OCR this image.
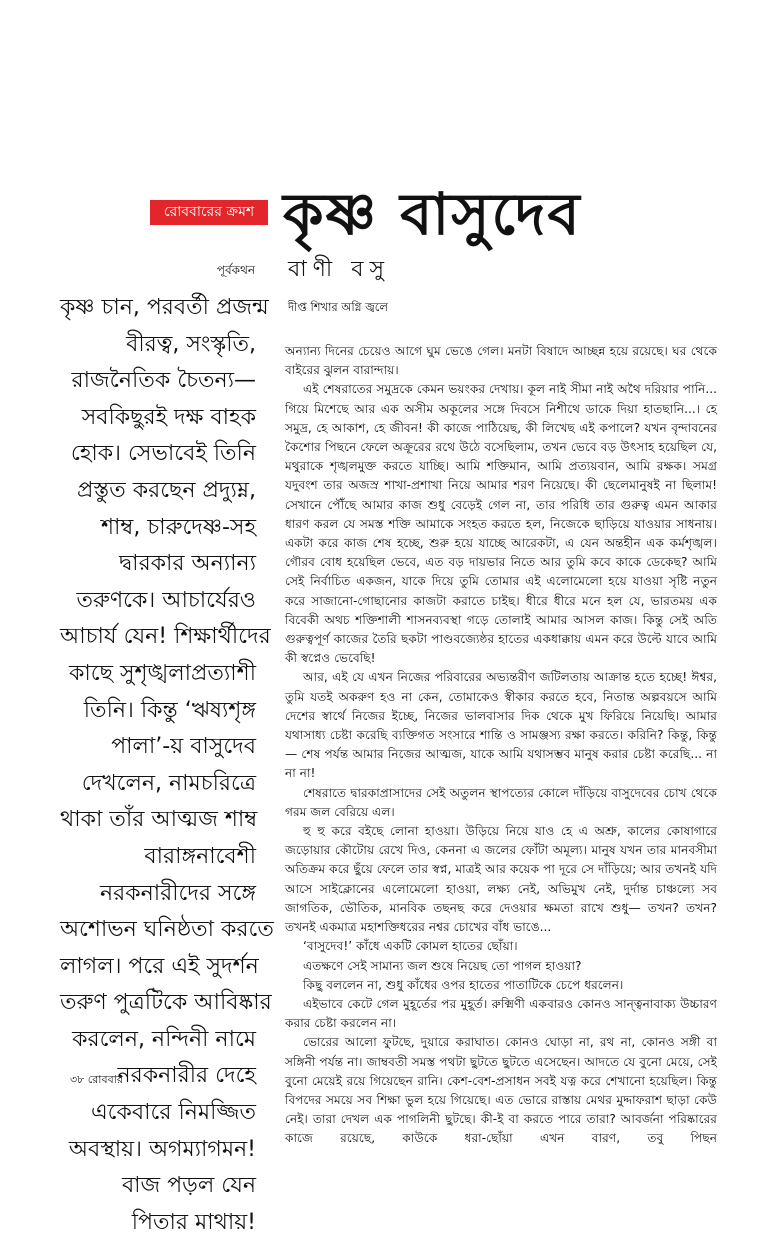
রোববারের ক্রমশ কৃষ্ণ বাসুদেব
পূর্বকথন বাণী বসু
দীপ্ত শিখার অগ্নি জ্বলে
কৃষ্ণ চান, পরবর্তী প্রজন্ম
বীরত্ব, সংস্কৃতি,
রাজনৈতিক চৈতন্য—
সবকিছুরই দক্ষ বাহক
হোক। সেভাবেই তিনি
প্রস্তুত করছেন প্রদ্যুম্ন,
শাম্ব, চারুদেষ্ণ-সহ
দ্বারকার অন্যান্য
তরুণকে। আচার্যেরও
আচার্য যেন! শিক্ষার্থীদের
কাছে সুশৃঙ্খলাপ্রত্যাশী
তিনি। কিন্তু ‘ঋষ্যশৃঙ্গ
পালা’-য় বাসুদেব
দেখলেন, নামচরিত্রে
থাকা তাঁর আত্মজ শাম্ব
বারাঙ্গনাবেশী
নরকনারীদের সঙ্গে
অশোভন ঘনিষ্ঠতা করতে
লাগল। পরে এই সুদর্শন
তরুণ পুত্রটিকে আবিষ্কার
করলেন, নন্দিনী নামে
নরকনারীর দেহে
একেবারে নিমজ্জিত
অবস্থায়। অগম্যাগমন!
বাজ পড়ল যেন
পিতার মাথায়!

অন্যান্য দিনের চেয়েও আগে ঘুম ভেঙে গেল। মনটা বিষাদে আচ্ছন্ন হয়ে রয়েছে। ঘর থেকে বাইরের ঝুলন বারান্দায়।

এই শেষরাতের সমুদ্রকে কেমন ভয়ংকর দেখায়। কূল নাই সীমা নাই অথৈ দরিয়ার পানি... গিয়ে মিশেছে আর এক অসীম অকূলের সঙ্গে দিবসে নিশীথে ডাকে দিয়া হাতছানি...। হে সমুদ্র, হে আকাশ, হে জীবন! কী কাজে পাঠিয়েছ, কী লিখেছ এই কপালে? যখন বৃন্দাবনের কৈশোর পিছনে ফেলে অক্রূরের রথে উঠে বসেছিলাম, তখন ভেবে বড় উৎসাহ হয়েছিল যে, মথুরাকে শৃঙ্খলমুক্ত করতে যাচ্ছি। আমি শক্তিমান, আমি প্রত্যয়বান, আমি রক্ষক। সমগ্র যদুবংশ তার অজস্র শাখা-প্রশাখা নিয়ে আমার শরণ নিয়েছে। কী ছেলেমানুষই না ছিলাম! সেখানে পৌঁছে আমার কাজ শুধু বেড়েই গেল না, তার পরিধি তার গুরুত্ব এমন আকার ধারণ করল যে সমস্ত শক্তি আমাকে সংহত করতে হল, নিজেকে ছাড়িয়ে যাওয়ার সাধনায়। একটা করে কাজ শেষ হচ্ছে, শুরু হয়ে যাচ্ছে আরেকটা, এ যেন অন্তহীন এক কর্মশৃঙ্খল। গৌরব বোধ হয়েছিল ভেবে, এত বড় দায়ভার নিতে আর তুমি কবে কাকে ডেকেছ? আমি সেই নির্বাচিত একজন, যাকে দিয়ে তুমি তোমার এই এলোমেলো হয়ে যাওয়া সৃষ্টি নতুন করে সাজানো-গোছানোর কাজটা করাতে চাইছ। ধীরে ধীরে মনে হল যে, ভারতময় এক বিবেকী অথচ শক্তিশালী শাসনব্যবস্থা গড়ে তোলাই আমার আসল কাজ। কিন্তু সেই অতি গুরুত্বপূর্ণ কাজের তৈরি ছকটা পাণ্ডবজ্যেষ্ঠর হাতের একধাক্কায় এমন করে উল্টে যাবে আমি কী স্বপ্নেও ভেবেছি!

আর, এই যে এখন নিজের পরিবারের অভ্যন্তরীণ জটিলতায় আক্রান্ত হতে হচ্ছে! ঈশ্বর, তুমি যতই অকরুণ হও না কেন, তোমাকেও স্বীকার করতে হবে, নিতান্ত অল্পবয়সে আমি দেশের স্বার্থে নিজের ইচ্ছে, নিজের ভালবাসার দিক থেকে মুখ ফিরিয়ে নিয়েছি। আমার যথাসাধ্য চেষ্টা করেছি ব্যক্তিগত সংসারে শান্তি ও সামঞ্জস্য রক্ষা করতে। করিনি? কিন্তু, কিন্তু— শেষ পর্যন্ত আমার নিজের আত্মজ, যাকে আমি যথাসম্ভব মানুষ করার চেষ্টা করেছি... না না না!

শেষরাতে দ্বারকাপ্রাসাদের সেই অতুলন স্থাপত্যের কোলে দাঁড়িয়ে বাসুদেবের চোখ থেকে গরম জল বেরিয়ে এল।

হু হু করে বইছে লোনা হাওয়া। উড়িয়ে নিয়ে যাও হে এ অশ্রু, কালের কোষাগারে জড়োয়ার কৌটোয় রেখে দিও, কেননা এ জলের ফোঁটা অমূল্য। মানুষ যখন তার মানবসীমা অতিক্রম করে ছুঁয়ে ফেলে তার স্বপ্ন, মাত্রই আর কয়েক পা দূরে সে দাঁড়িয়ে; আর তখনই যদি আসে সাইক্লোনের এলোমেলো হাওয়া, লক্ষ্য নেই, অভিমুখ নেই, দুর্দান্ত চাঞ্চল্যে সব জাগতিক, ভৌতিক, মানবিক তছনছ করে দেওয়ার ক্ষমতা রাখে শুধু— তখন? তখন? তখনই একমাত্র মহাশক্তিধরের নশ্বর চোখের বাঁধ ভাঙে...

‘বাসুদেব!’ কাঁধে একটি কোমল হাতের ছোঁয়া।

এতক্ষণে সেই সামান্য জল শুষে নিয়েছ তো পাগল হাওয়া?

কিছু বললেন না, শুধু কাঁধের ওপর হাতের পাতাটিকে চেপে ধরলেন।

এইভাবে কেটে গেল মুহূর্তের পর মুহূর্ত। রুক্মিণী একবারও কোনও সান্ত্বনাবাক্য উচ্চারণ করার চেষ্টা করলেন না।

ভোরের আলো ফুটছে, দুয়ারে করাঘাত। কোনও ঘোড়া না, রথ না, কোনও সঙ্গী বা সঙ্গিনী পর্যন্ত না। জাম্ববতী সমস্ত পথটা ছুটতে ছুটতে এসেছেন। আদতে যে বুনো মেয়ে, সেই বুনো মেয়েই রয়ে গিয়েছেন রানি। কেশ-বেশ-প্রসাধন সবই যত্ন করে শেখানো হয়েছিল। কিন্তু বিপদের সময়ে সব শিক্ষা ভুল হয়ে গিয়েছে। এত ভোরে রাস্তায় মেথর মুদ্দাফরাশ ছাড়া কেউ নেই। তারা দেখল এক পাগলিনী ছুটছে। কী-ই বা করতে পারে তারা? আবর্জনা পরিষ্কারের কাজে রয়েছে, কাউকে ধরা-ছোঁয়া এখন বারণ, তবু পিছন

৩৮ রোববার
